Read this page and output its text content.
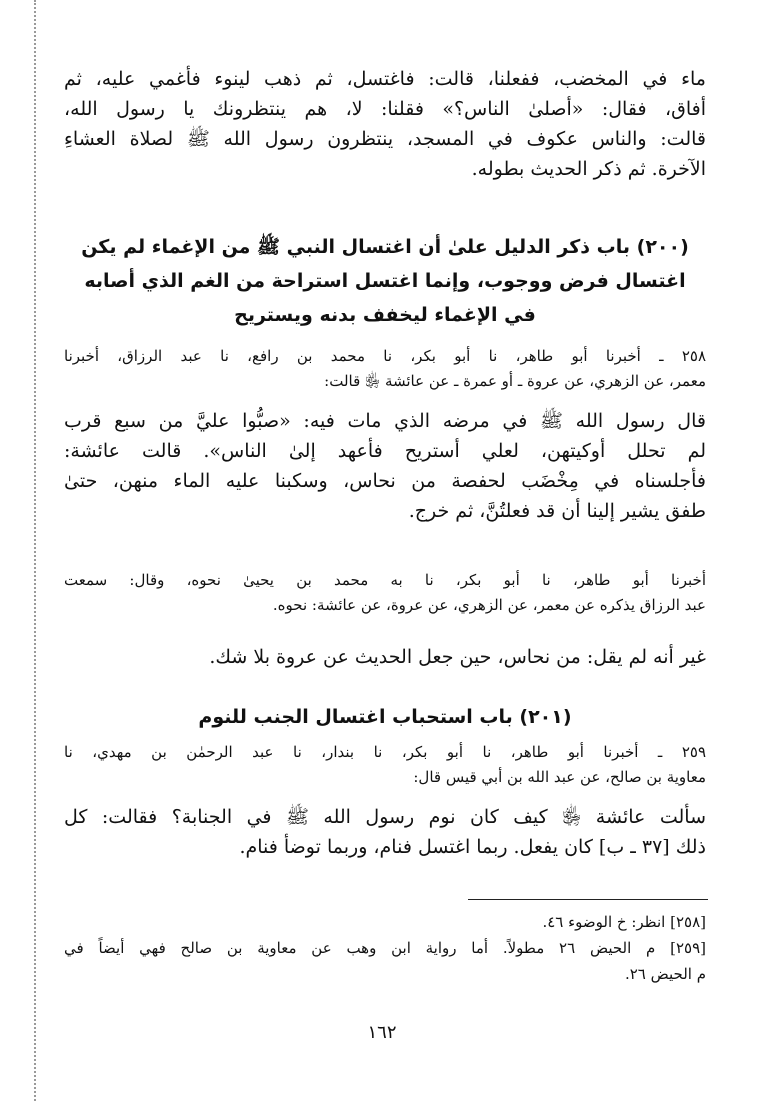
ماء في المخضب، ففعلنا، قالت: فاغتسل، ثم ذهب لينوء فأغمي عليه، ثم
أفاق، فقال: «أصلىٰ الناس؟» فقلنا: لا، هم ينتظرونك يا رسول الله،
قالت: والناس عكوف في المسجد، ينتظرون رسول الله ﷺ لصلاة العشاءِ
الآخرة. ثم ذكر الحديث بطوله.
(٢٠٠) باب ذكر الدليل علىٰ أن اغتسال النبي ﷺ من الإغماء لم يكن
اغتسال فرض ووجوب، وإنما اغتسل استراحة من الغم الذي أصابه
في الإغماء ليخفف بدنه ويستريح
٢٥٨ ـ أخبرنا أبو طاهر، نا أبو بكر، نا محمد بن رافع، نا عبد الرزاق، أخبرنا
معمر، عن الزهري، عن عروة ـ أو عمرة ـ عن عائشة ﵂ قالت:
قال رسول الله ﷺ في مرضه الذي مات فيه: «صبُّوا عليَّ من سبع قرب
لم تحلل أوكيتهن، لعلي أستريح فأعهد إلىٰ الناس». قالت عائشة:
فأجلسناه في مِخْضَب لحفصة من نحاس، وسكبنا عليه الماء منهن، حتىٰ
طفق يشير إلينا أن قد فعلتُنَّ، ثم خرج.
أخبرنا أبو طاهر، نا أبو بكر، نا به محمد بن يحيىٰ نحوه، وقال: سمعت
عبد الرزاق يذكره عن معمر، عن الزهري، عن عروة، عن عائشة: نحوه.
غير أنه لم يقل: من نحاس، حين جعل الحديث عن عروة بلا شك.
(٢٠١) باب استحباب اغتسال الجنب للنوم
٢٥٩ ـ أخبرنا أبو طاهر، نا أبو بكر، نا بندار، نا عبد الرحمٰن بن مهدي، نا
معاوية بن صالح، عن عبد الله بن أبي قيس قال:
سألت عائشة ﵂ كيف كان نوم رسول الله ﷺ في الجنابة؟ فقالت: كل
ذلك [٣٧ ـ ب] كان يفعل. ربما اغتسل فنام، وربما توضأ فنام.
[٢٥٨] انظر: خ الوضوء ٤٦.
[٢٥٩] م الحيض ٢٦ مطولاً. أما رواية ابن وهب عن معاوية بن صالح فهي أيضاً في
م الحيض ٢٦.
١٦٢
